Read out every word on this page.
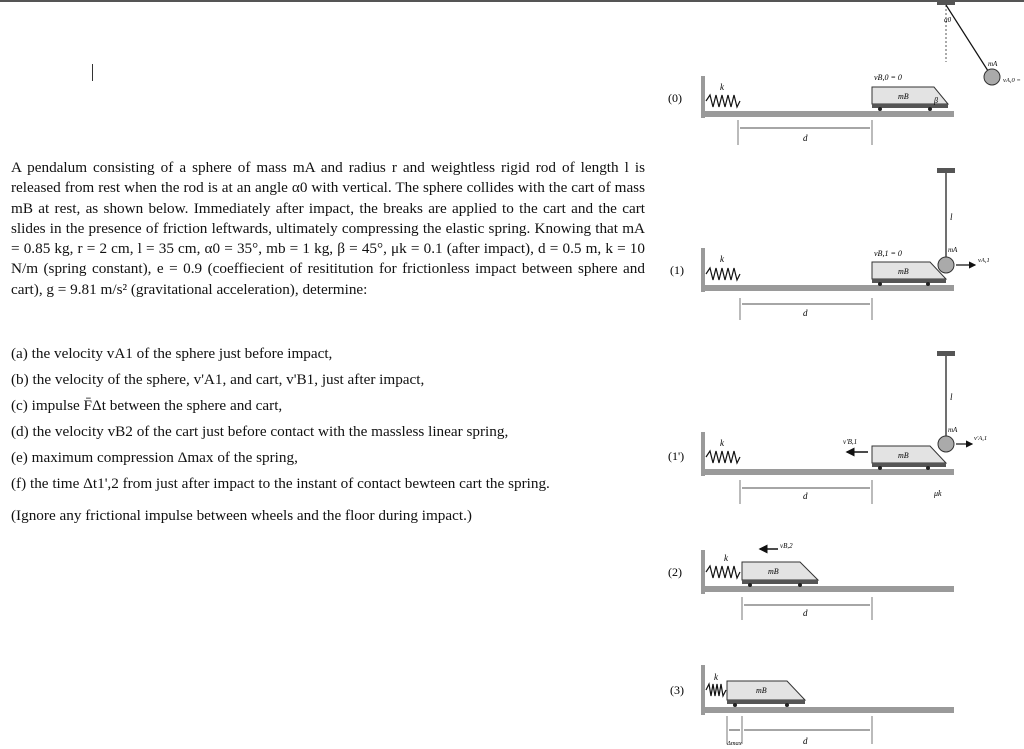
A pendalum consisting of a sphere of mass mA and radius r and weightless rigid rod of length l is released from rest when the rod is at an angle α0 with vertical. The sphere collides with the cart of mass mB at rest, as shown below. Immediately after impact, the breaks are applied to the cart and the cart slides in the presence of friction leftwards, ultimately compressing the elastic spring. Knowing that mA = 0.85 kg, r = 2 cm, l = 35 cm, α0 = 35°, mb = 1 kg, β = 45°, μk = 0.1 (after impact), d = 0.5 m, k = 10 N/m (spring constant), e = 0.9 (coeffiecient of resititution for frictionless impact between sphere and cart), g = 9.81 m/s² (gravitational acceleration), determine:

(a) the velocity vA1 of the sphere just before impact,
(b) the velocity of the sphere, v'A1, and cart, v'B1, just after impact,
(c) impulse F̄Δt between the sphere and cart,
(d) the velocity vB2 of the cart just before contact with the massless linear spring,
(e) maximum compression Δmax of the spring,
(f) the time Δt1',2 from just after impact to the instant of contact bewteen cart the spring.
(Ignore any frictional impulse between wheels and the floor during impact.)
(0)
(1)
(1')
(2)
(3)
k
mB	β
vB,0 = 0
d
α0
mA
vA,0 =
k
mB
vB,1 = 0
d
l
mA
vA,1
k
mB
v'B,1
μk
d
l
mA
v'A,1
k
mB
vB,2
d
k
mB
Δmax	d
